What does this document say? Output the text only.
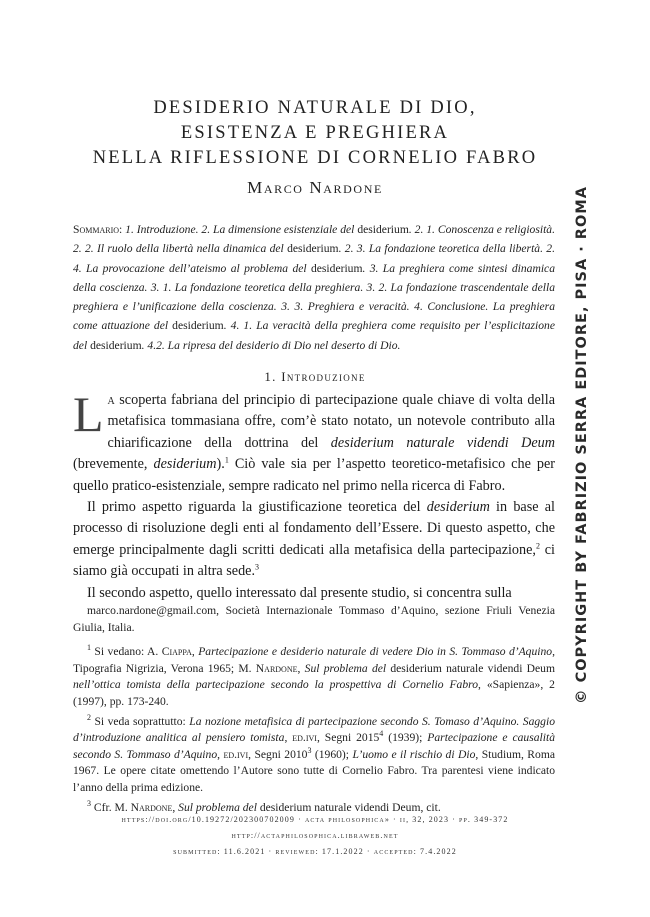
DESIDERIO NATURALE DI DIO,
ESISTENZA E PREGHIERA
NELLA RIFLESSIONE DI CORNELIO FABRO
Marco Nardone
Sommario: 1. Introduzione. 2. La dimensione esistenziale del desiderium. 2. 1. Conoscenza e religiosità. 2. 2. Il ruolo della libertà nella dinamica del desiderium. 2. 3. La fondazione teoretica della libertà. 2. 4. La provocazione dell’ateismo al problema del desiderium. 3. La preghiera come sintesi dinamica della coscienza. 3. 1. La fondazione teoretica della preghiera. 3. 2. La fondazione trascendentale della preghiera e l’unificazione della coscienza. 3. 3. Preghiera e veracità. 4. Conclusione. La preghiera come attuazione del desiderium. 4. 1. La veracità della preghiera come requisito per l’esplicitazione del desiderium. 4.2. La ripresa del desiderio di Dio nel deserto di Dio.
1. Introduzione

La scoperta fabriana del principio di partecipazione quale chiave di volta della metafisica tommasiana offre, com’è stato notato, un notevole contributo alla chiarificazione della dottrina del desiderium naturale videndi Deum (brevemente, desiderium).$^1$ Ciò vale sia per l’aspetto teoretico-metafisico che per quello pratico-esistenziale, sempre radicato nel primo nella ricerca di Fabro.

Il primo aspetto riguarda la giustificazione teoretica del desiderium in base al processo di risoluzione degli enti al fondamento dell’Essere. Di questo aspetto, che emerge principalmente dagli scritti dedicati alla metafisica della partecipazione,$^2$ ci siamo già occupati in altra sede.$^3$

Il secondo aspetto, quello interessato dal presente studio, si concentra sulla

marco.nardone@gmail.com, Società Internazionale Tommaso d’Aquino, sezione Friuli Venezia Giulia, Italia.

$^1$ Si vedano: A. Ciappa, Partecipazione e desiderio naturale di vedere Dio in S. Tommaso d’Aquino, Tipografia Nigrizia, Verona 1965; M. Nardone, Sul problema del desiderium naturale videndi Deum nell’ottica tomista della partecipazione secondo la prospettiva di Cornelio Fabro, «Sapienza», 2 (1997), pp. 173-240.

$^2$ Si veda soprattutto: La nozione metafisica di partecipazione secondo S. Tomaso d’Aquino. Saggio d’introduzione analitica al pensiero tomista, ed.ivi, Segni 2015$^4$ (1939); Partecipazione e causalità secondo S. Tommaso d’Aquino, ed.ivi, Segni 2010$^3$ (1960); L’uomo e il rischio di Dio, Studium, Roma 1967. Le opere citate omettendo l’Autore sono tutte di Cornelio Fabro. Tra parentesi viene indicato l’anno della prima edizione.

$^3$ Cfr. M. Nardone, Sul problema del desiderium naturale videndi Deum, cit.

https://doi.org/10.19272/202300702009 · acta philosophica» · ii, 32, 2023 · pp. 349-372
http://actaphilosophica.libraweb.net
submitted: 11.6.2021 · reviewed: 17.1.2022 · accepted: 7.4.2022
© COPYRIGHT BY FABRIZIO SERRA EDITORE, PISA · ROMA
